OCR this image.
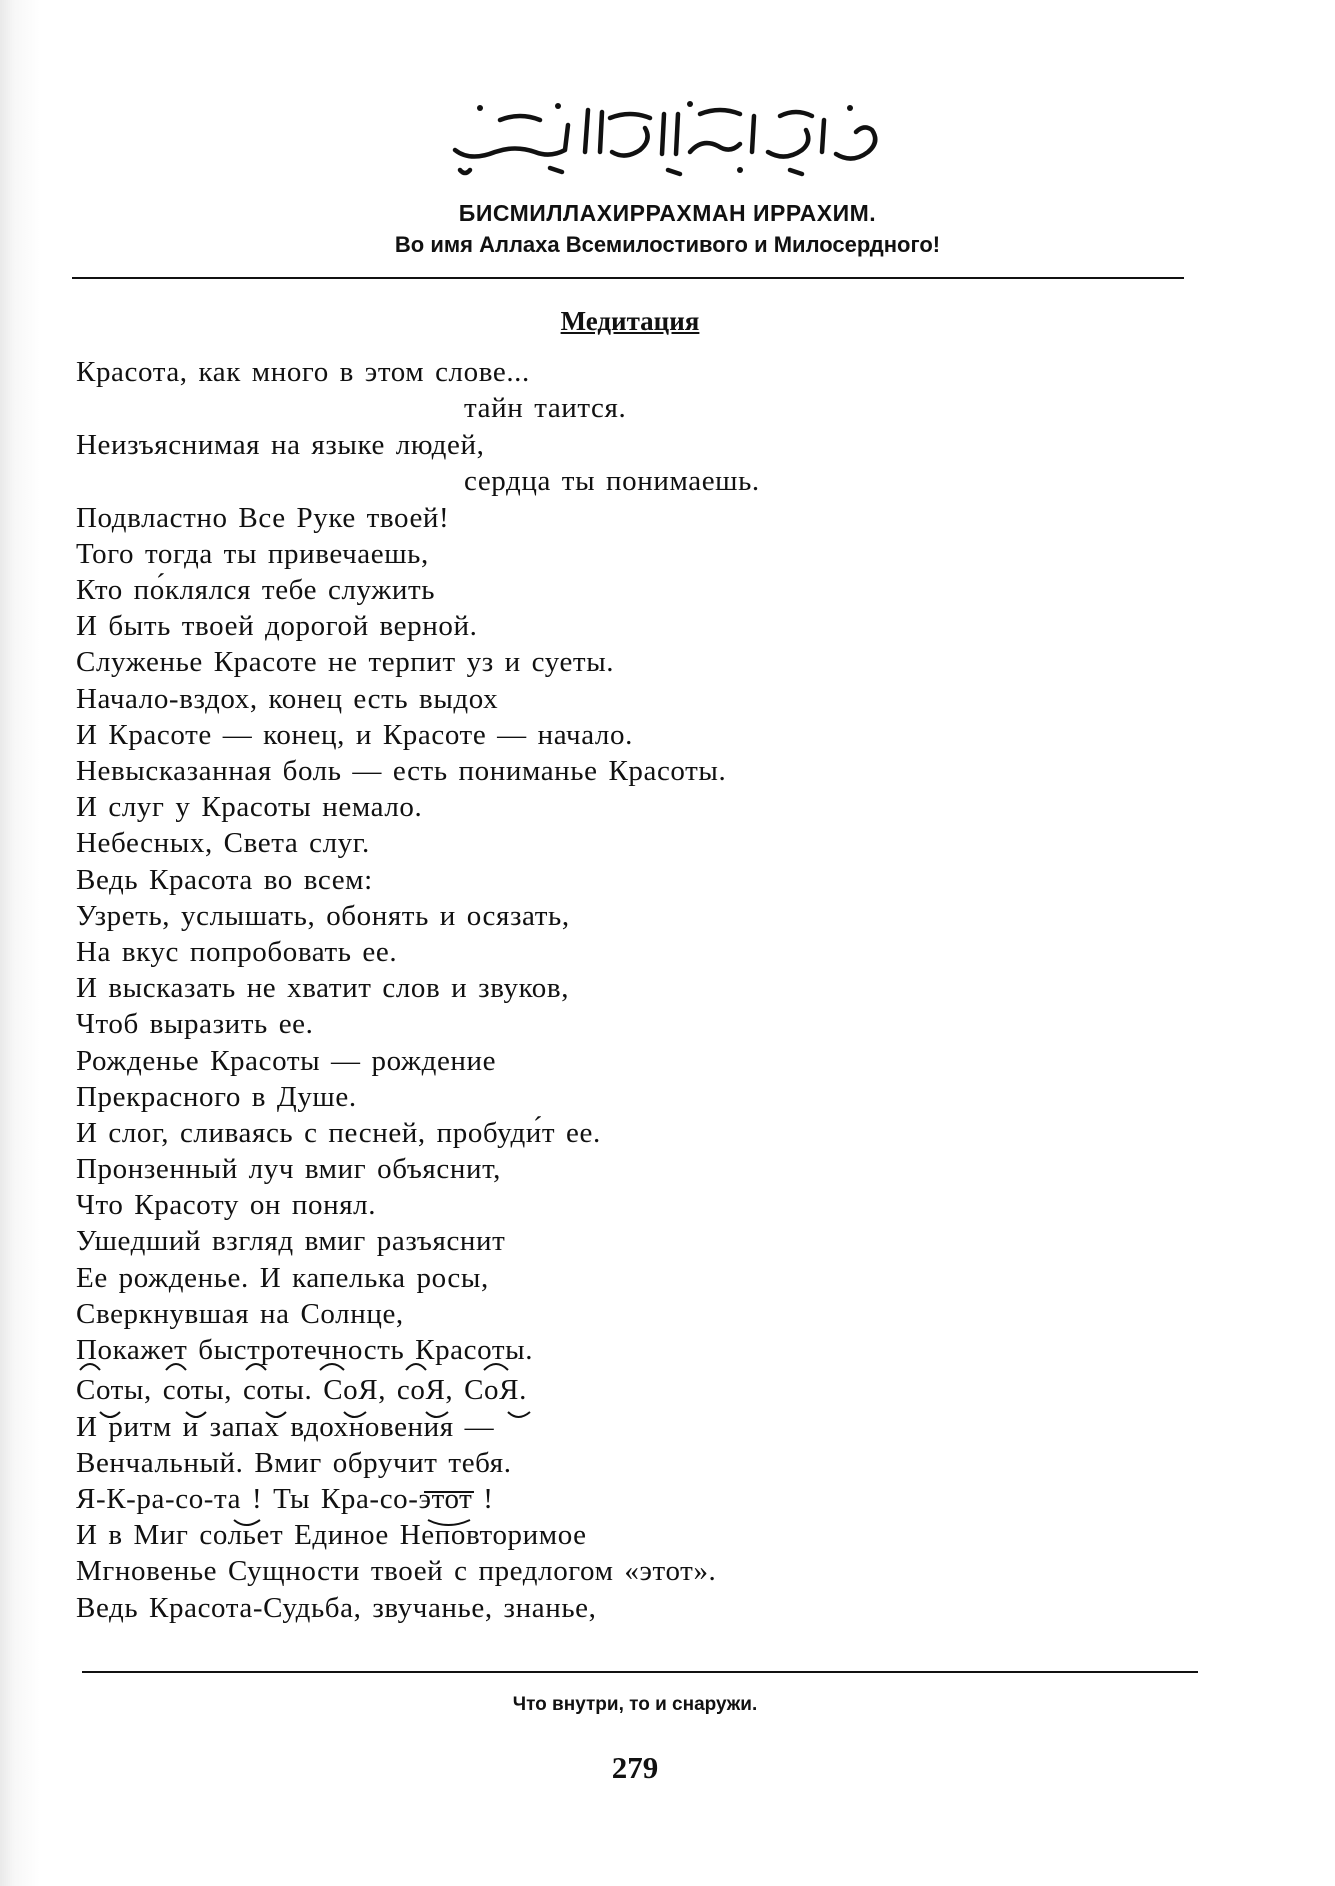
БИСМИЛЛАХИРРАХМАН ИРРАХИМ.
Во имя Аллаха Всемилостивого и Милосердного!
Медитация
Красота, как много в этом слове...
тайн таится.
Неизъяснимая на языке людей,
сердца ты понимаешь.
Подвластно Все Руке твоей!
Того тогда ты привечаешь,
Кто по́клялся тебе служить
И быть твоей дорогой верной.
Служенье Красоте не терпит уз и суеты.
Начало-вздох, конец есть выдох
И Красоте — конец, и Красоте — начало.
Невысказанная боль — есть пониманье Красоты.
И слуг у Красоты немало.
Небесных, Света слуг.
Ведь Красота во всем:
Узреть, услышать, обонять и осязать,
На вкус попробовать ее.
И высказать не хватит слов и звуков,
Чтоб выразить ее.
Рожденье Красоты — рождение
Прекрасного в Душе.
И слог, сливаясь с песней, пробуди́т ее.
Пронзенный луч вмиг объяснит,
Что Красоту он понял.
Ушедший взгляд вмиг разъяснит
Ее рожденье. И капелька росы,
Сверкнувшая на Солнце,
Покажет быстротечность Красоты.
Соты, соты, соты. СоЯ, соЯ, СоЯ.
И ритм и запах вдохновения —
Венчальный. Вмиг обручит тебя.
Я-К-ра-со-та ! Ты Кра-со-этот !
И в Миг сольет Единое Неповторимое
Мгновенье Сущности твоей с предлогом «этот».
Ведь Красота-Судьба, звучанье, знанье,
Что внутри, то и снаружи.
279
